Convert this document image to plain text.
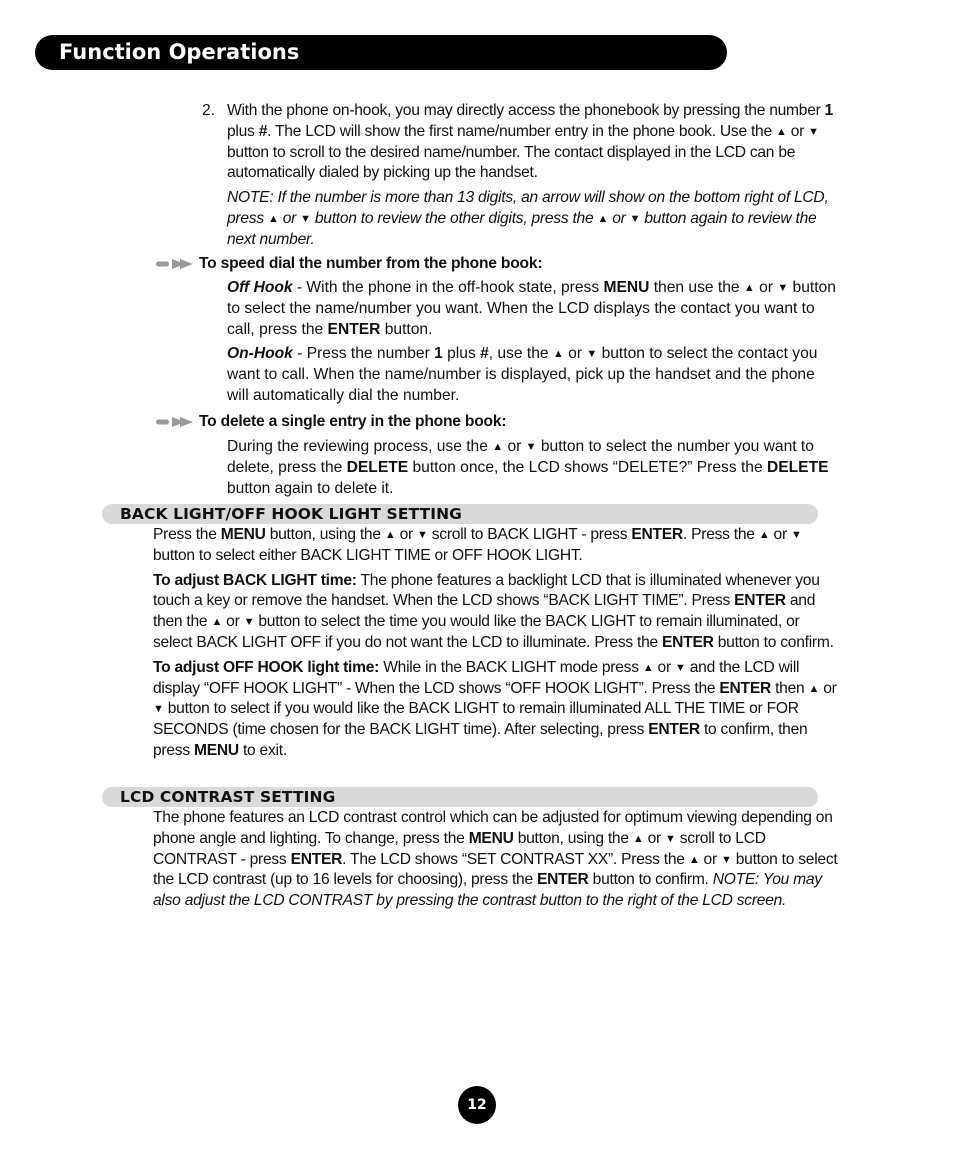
Function Operations
2. With the phone on-hook, you may directly access the phonebook by pressing the number 1 plus #. The LCD will show the first name/number entry in the phone book. Use the ▲ or ▼ button to scroll to the desired name/number. The contact displayed in the LCD can be automatically dialed by picking up the handset.

NOTE: If the number is more than 13 digits, an arrow will show on the bottom right of LCD, press ▲ or ▼ button to review the other digits, press the ▲ or ▼ button again to review the next number.

To speed dial the number from the phone book:

Off Hook - With the phone in the off-hook state, press MENU then use the ▲ or ▼ button to select the name/number you want. When the LCD displays the contact you want to call, press the ENTER button.

On-Hook - Press the number 1 plus #, use the ▲ or ▼ button to select the contact you want to call. When the name/number is displayed, pick up the handset and the phone will automatically dial the number.

To delete a single entry in the phone book:

During the reviewing process, use the ▲ or ▼ button to select the number you want to delete, press the DELETE button once, the LCD shows “DELETE?” Press the DELETE button again to delete it.

BACK LIGHT/OFF HOOK LIGHT SETTING

Press the MENU button, using the ▲ or ▼ scroll to BACK LIGHT - press ENTER. Press the ▲ or ▼ button to select either BACK LIGHT TIME or OFF HOOK LIGHT.

To adjust BACK LIGHT time: The phone features a backlight LCD that is illuminated whenever you touch a key or remove the handset. When the LCD shows “BACK LIGHT TIME”. Press ENTER and then the ▲ or ▼ button to select the time you would like the BACK LIGHT to remain illuminated, or select BACK LIGHT OFF if you do not want the LCD to illuminate. Press the ENTER button to confirm.

To adjust OFF HOOK light time: While in the BACK LIGHT mode press ▲ or ▼ and the LCD will display “OFF HOOK LIGHT” - When the LCD shows “OFF HOOK LIGHT”. Press the ENTER then ▲ or ▼ button to select if you would like the BACK LIGHT to remain illuminated ALL THE TIME or FOR SECONDS (time chosen for the BACK LIGHT time). After selecting, press ENTER to confirm, then press MENU to exit.

LCD CONTRAST SETTING

The phone features an LCD contrast control which can be adjusted for optimum viewing depending on phone angle and lighting. To change, press the MENU button, using the ▲ or ▼ scroll to LCD CONTRAST - press ENTER. The LCD shows “SET CONTRAST XX”. Press the ▲ or ▼ button to select the LCD contrast (up to 16 levels for choosing), press the ENTER button to confirm. NOTE: You may also adjust the LCD CONTRAST by pressing the contrast button to the right of the LCD screen.

12
